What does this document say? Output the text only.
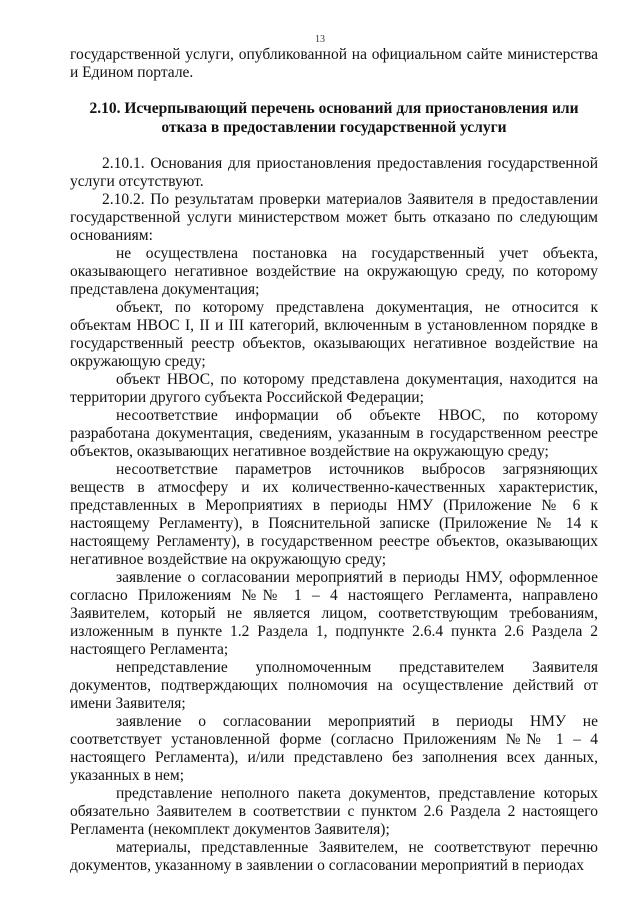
13

государственной услуги, опубликованной на официальном сайте министерства и Едином портале.

2.10. Исчерпывающий перечень оснований для приостановления или
отказа в предоставлении государственной услуги

2.10.1. Основания для приостановления предоставления государственной услуги отсутствуют.

2.10.2. По результатам проверки материалов Заявителя в предоставлении государственной услуги министерством может быть отказано по следующим основаниям:

не осуществлена постановка на государственный учет объекта, оказывающего негативное воздействие на окружающую среду, по которому представлена документация;

объект, по которому представлена документация, не относится к объектам НВОС I, II и III категорий, включенным в установленном порядке в государственный реестр объектов, оказывающих негативное воздействие на окружающую среду;

объект НВОС, по которому представлена документация, находится на территории другого субъекта Российской Федерации;

несоответствие информации об объекте НВОС, по которому разработана документация, сведениям, указанным в государственном реестре объектов, оказывающих негативное воздействие на окружающую среду;

несоответствие параметров источников выбросов загрязняющих веществ в атмосферу и их количественно-качественных характеристик, представленных в Мероприятиях в периоды НМУ (Приложение № 6 к настоящему Регламенту), в Пояснительной записке (Приложение № 14 к настоящему Регламенту), в государственном реестре объектов, оказывающих негативное воздействие на окружающую среду;

заявление о согласовании мероприятий в периоды НМУ, оформленное согласно Приложениям №№ 1 – 4 настоящего Регламента, направлено Заявителем, который не является лицом, соответствующим требованиям, изложенным в пункте 1.2 Раздела 1, подпункте 2.6.4 пункта 2.6 Раздела 2 настоящего Регламента;

непредставление уполномоченным представителем Заявителя документов, подтверждающих полномочия на осуществление действий от имени Заявителя;

заявление о согласовании мероприятий в периоды НМУ не соответствует установленной форме (согласно Приложениям №№ 1 – 4 настоящего Регламента), и/или представлено без заполнения всех данных, указанных в нем;

представление неполного пакета документов, представление которых обязательно Заявителем в соответствии с пунктом 2.6 Раздела 2 настоящего Регламента (некомплект документов Заявителя);

материалы, представленные Заявителем, не соответствуют перечню документов, указанному в заявлении о согласовании мероприятий в периодах
